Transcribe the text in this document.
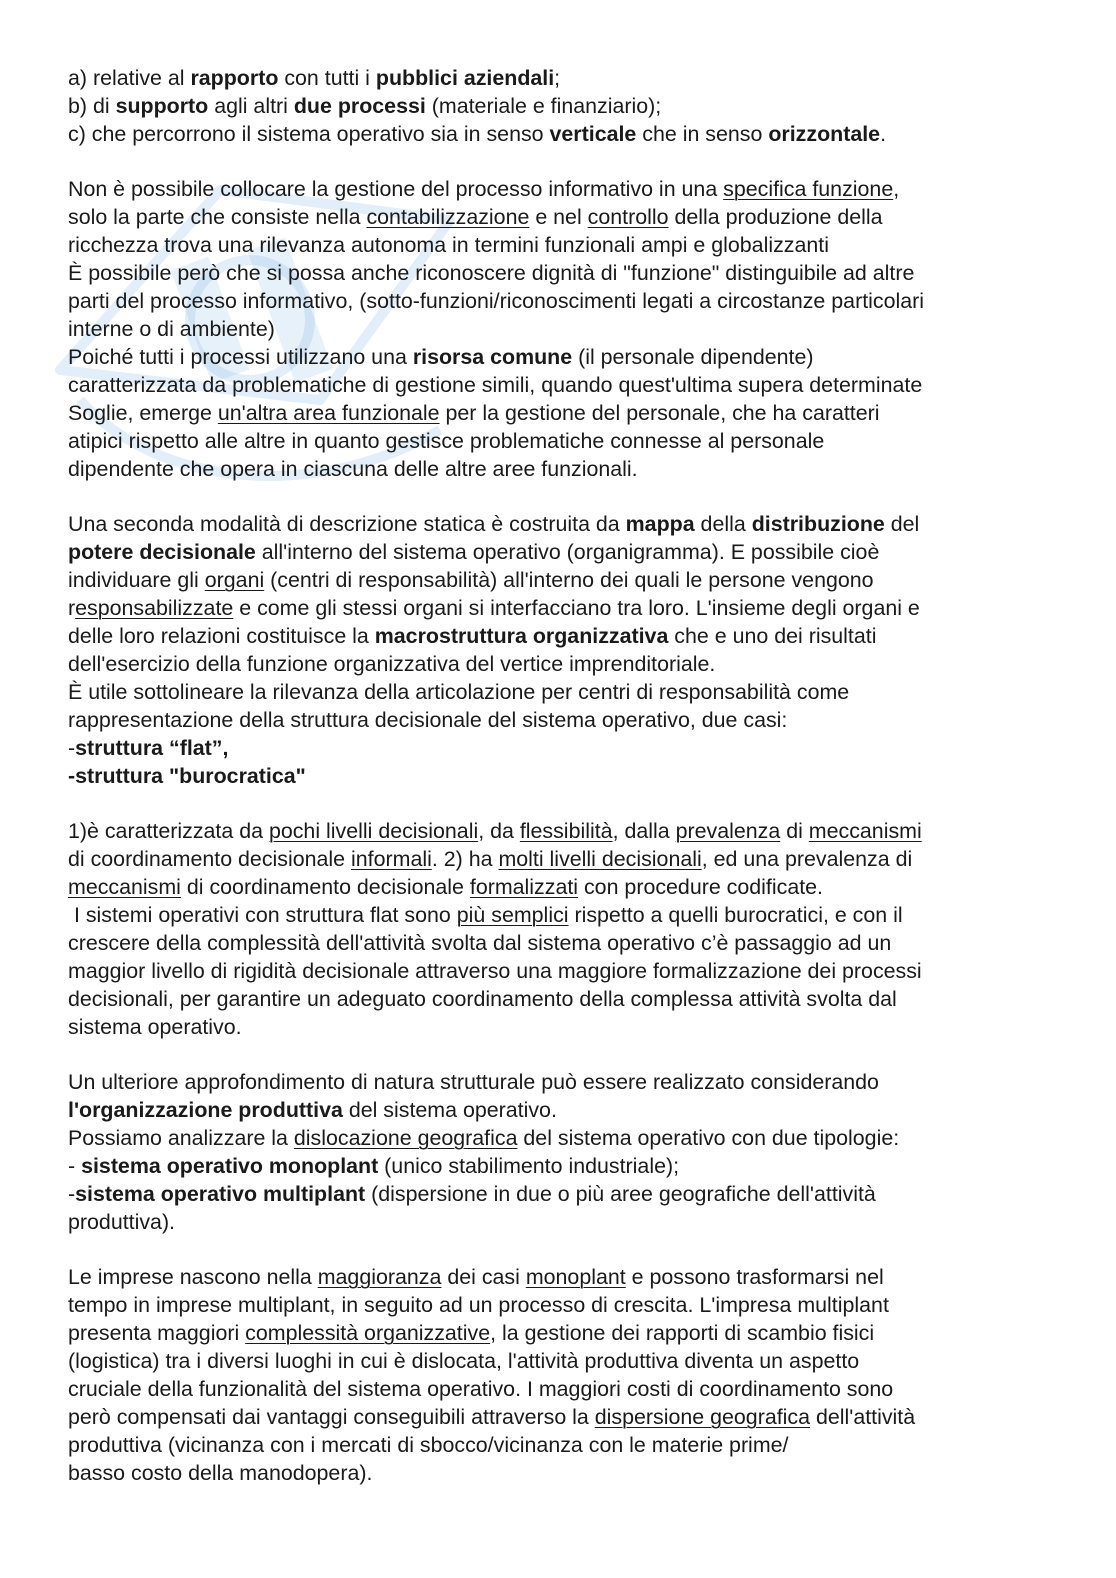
a) relative al rapporto con tutti i pubblici aziendali;
b) di supporto agli altri due processi (materiale e finanziario);
c) che percorrono il sistema operativo sia in senso verticale che in senso orizzontale.
Non è possibile collocare la gestione del processo informativo in una specifica funzione,
solo la parte che consiste nella contabilizzazione e nel controllo della produzione della
ricchezza trova una rilevanza autonoma in termini funzionali ampi e globalizzanti
È possibile però che si possa anche riconoscere dignità di "funzione" distinguibile ad altre
parti del processo informativo, (sotto-funzioni/riconoscimenti legati a circostanze particolari
interne o di ambiente)
Poiché tutti i processi utilizzano una risorsa comune (il personale dipendente)
caratterizzata da problematiche di gestione simili, quando quest'ultima supera determinate
Soglie, emerge un'altra area funzionale per la gestione del personale, che ha caratteri
atipici rispetto alle altre in quanto gestisce problematiche connesse al personale
dipendente che opera in ciascuna delle altre aree funzionali.
Una seconda modalità di descrizione statica è costruita da mappa della distribuzione del
potere decisionale all'interno del sistema operativo (organigramma). E possibile cioè
individuare gli organi (centri di responsabilità) all'interno dei quali le persone vengono
responsabilizzate e come gli stessi organi si interfacciano tra loro. L'insieme degli organi e
delle loro relazioni costituisce la macrostruttura organizzativa che e uno dei risultati
dell'esercizio della funzione organizzativa del vertice imprenditoriale.
È utile sottolineare la rilevanza della articolazione per centri di responsabilità come
rappresentazione della struttura decisionale del sistema operativo, due casi:
-struttura “flat”,
-struttura "burocratica"
1)è caratterizzata da pochi livelli decisionali, da flessibilità, dalla prevalenza di meccanismi
di coordinamento decisionale informali. 2) ha molti livelli decisionali, ed una prevalenza di
meccanismi di coordinamento decisionale formalizzati con procedure codificate.
I sistemi operativi con struttura flat sono più semplici rispetto a quelli burocratici, e con il
crescere della complessità dell'attività svolta dal sistema operativo c’è passaggio ad un
maggior livello di rigidità decisionale attraverso una maggiore formalizzazione dei processi
decisionali, per garantire un adeguato coordinamento della complessa attività svolta dal
sistema operativo.
Un ulteriore approfondimento di natura strutturale può essere realizzato considerando
l'organizzazione produttiva del sistema operativo.
Possiamo analizzare la dislocazione geografica del sistema operativo con due tipologie:
- sistema operativo monoplant (unico stabilimento industriale);
-sistema operativo multiplant (dispersione in due o più aree geografiche dell'attività
produttiva).
Le imprese nascono nella maggioranza dei casi monoplant e possono trasformarsi nel
tempo in imprese multiplant, in seguito ad un processo di crescita. L'impresa multiplant
presenta maggiori complessità organizzative, la gestione dei rapporti di scambio fisici
(logistica) tra i diversi luoghi in cui è dislocata, l'attività produttiva diventa un aspetto
cruciale della funzionalità del sistema operativo. I maggiori costi di coordinamento sono
però compensati dai vantaggi conseguibili attraverso la dispersione geografica dell'attività
produttiva (vicinanza con i mercati di sbocco/vicinanza con le materie prime/
basso costo della manodopera).
